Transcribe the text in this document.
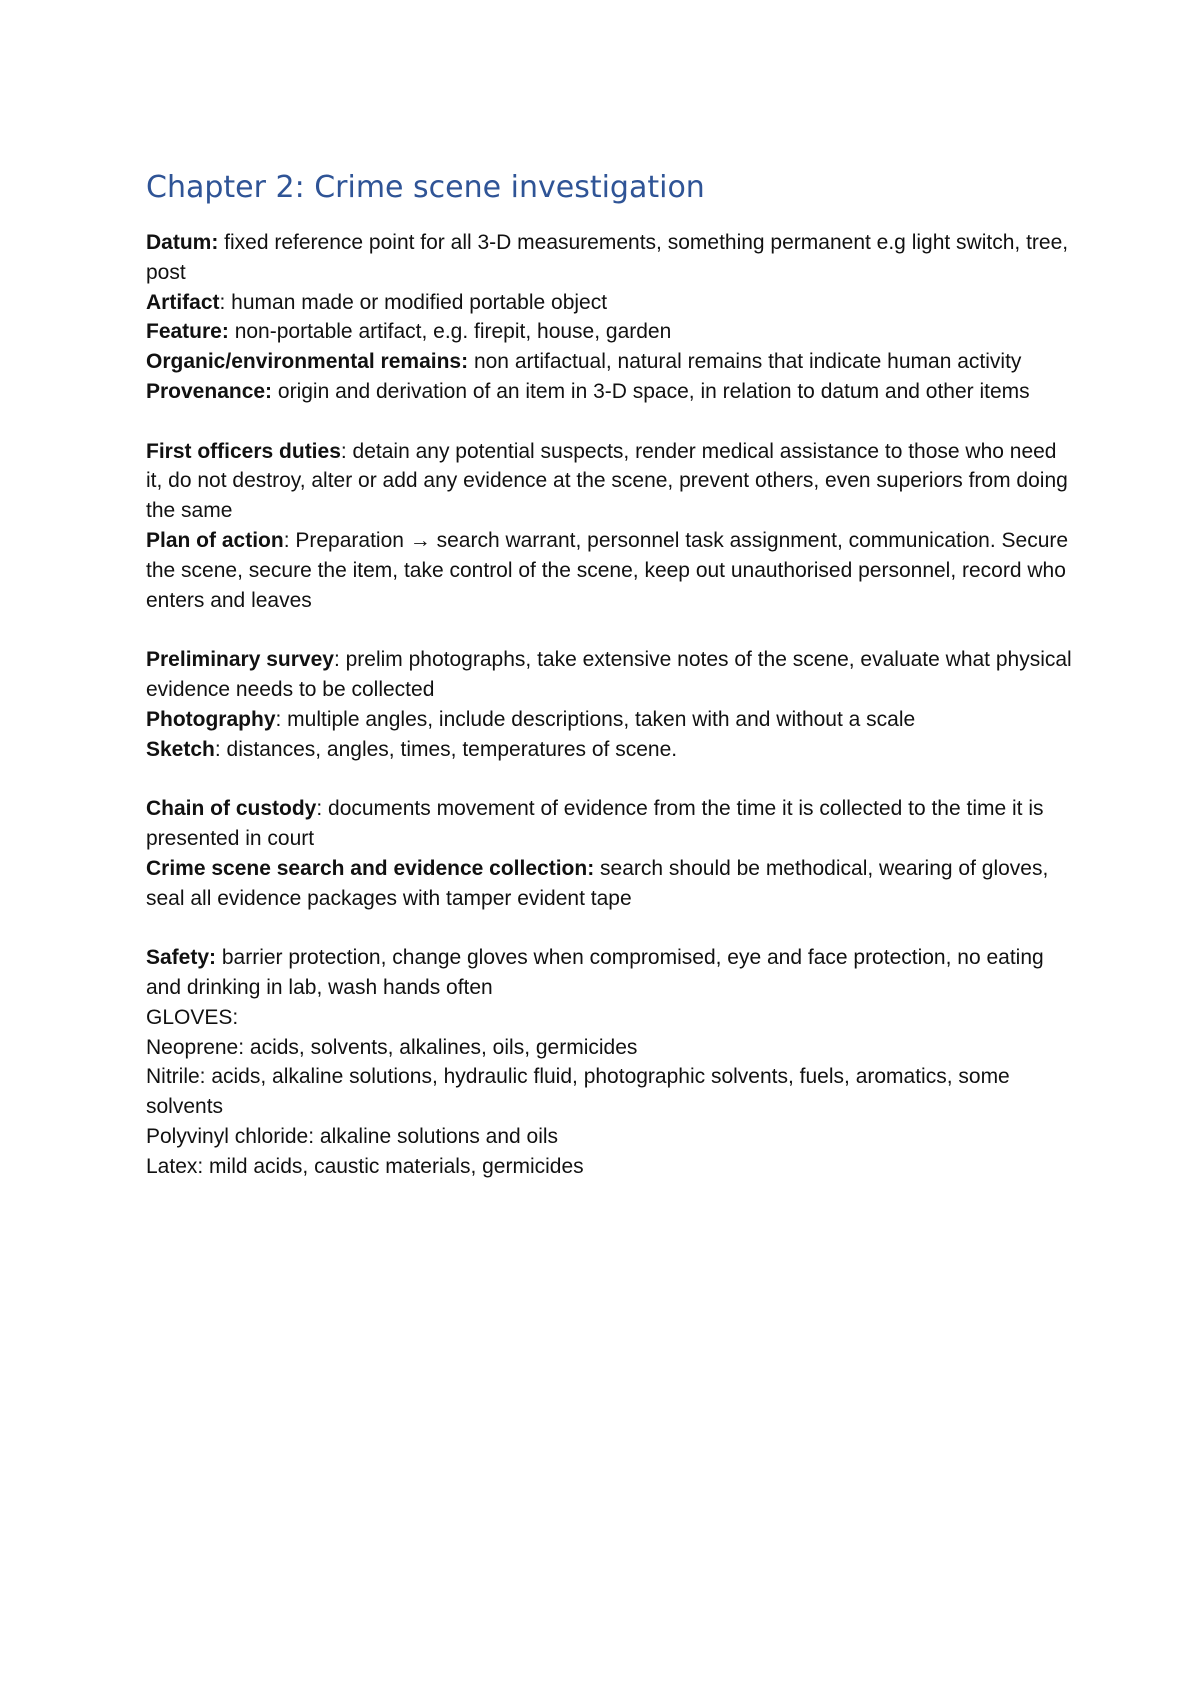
Chapter 2: Crime scene investigation

Datum: fixed reference point for all 3-D measurements, something permanent e.g light switch, tree, post

Artifact: human made or modified portable object

Feature: non-portable artifact, e.g. firepit, house, garden

Organic/environmental remains: non artifactual, natural remains that indicate human activity

Provenance: origin and derivation of an item in 3-D space, in relation to datum and other items

First officers duties: detain any potential suspects, render medical assistance to those who need it, do not destroy, alter or add any evidence at the scene, prevent others, even superiors from doing the same

Plan of action: Preparation → search warrant, personnel task assignment, communication. Secure the scene, secure the item, take control of the scene, keep out unauthorised personnel, record who enters and leaves

Preliminary survey: prelim photographs, take extensive notes of the scene, evaluate what physical evidence needs to be collected

Photography: multiple angles, include descriptions, taken with and without a scale

Sketch: distances, angles, times, temperatures of scene.

Chain of custody: documents movement of evidence from the time it is collected to the time it is presented in court

Crime scene search and evidence collection: search should be methodical, wearing of gloves, seal all evidence packages with tamper evident tape

Safety: barrier protection, change gloves when compromised, eye and face protection, no eating and drinking in lab, wash hands often

GLOVES:

Neoprene: acids, solvents, alkalines, oils, germicides

Nitrile: acids, alkaline solutions, hydraulic fluid, photographic solvents, fuels, aromatics, some solvents

Polyvinyl chloride: alkaline solutions and oils

Latex: mild acids, caustic materials, germicides
